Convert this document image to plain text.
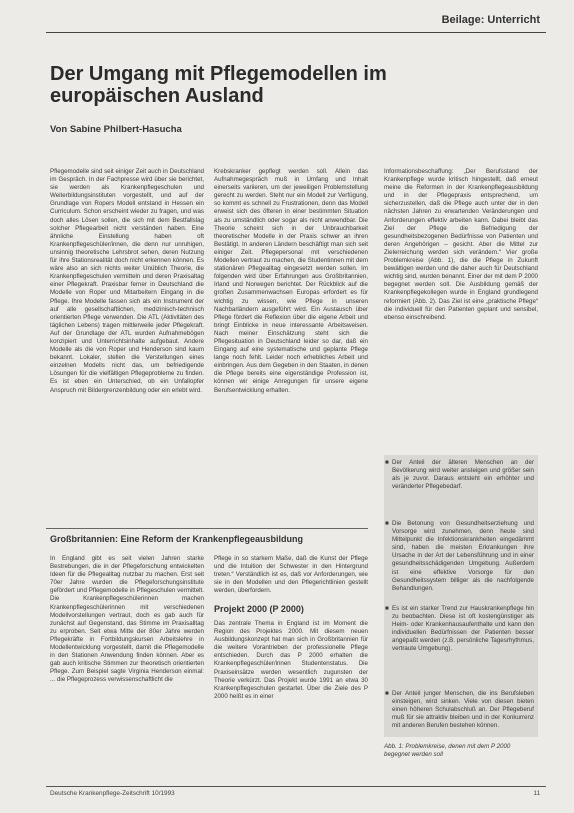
Beilage: Unterricht
Der Umgang mit Pflegemodellen im europäischen Ausland
Von Sabine Philbert-Hasucha

Pflegemodelle sind seit einiger Zeit auch in Deutschland im Gespräch. In der Fachpresse wird über sie berichtet, sie werden als Krankenpflegeschulen und Weiterbildungsinstituten vorgestellt, und auf der Grundlage von Ropers Modell entstand in Hessen ein Curriculum. Schon erscheint wieder zu fragen, und was doch alles Lösen sollen, die sich mit dem Bestfallslag solcher Pflegearbeit nicht verständen haben. Eine ähnliche Einstellung haben oft Krankenpflegeschüler/innen, die denn nur unruhigen, unsinnig theoretische Lehrsbrot sehen, deren Nutzung für ihre Stationsrealität doch nicht erkennen können. Es wäre also an sich nichts weiter Unüblich Theorie, die Krankenpflegeschulen vermitteln und deren Praxisaltag einer Pflegekraft. Praxisbar ferner in Deutschland die Modelle von Roper und Mitarbeitern Eingang in die Pflege. Ihre Modelle fassen sich als ein Instrument der auf alle gesellschaftlichen, medizinisch-technisch orientierten Pflege verwenden. Die ATL (Aktivitäten des täglichen Lebens) tragen mittlerweile jeder Pflegekraft. Auf der Grundlage der ATL wurden Aufnahmebögen konzipiert und Unterrichtsinhalte aufgebaut. Andere Modelle als die von Roper und Henderson sind kaum bekannt. Lokaler, stellen die Verstellungen eines einzelnen Modells nicht das, um befriedigende Lösungen für die vielfältigen Pflegeprobleme zu finden. Es ist eben ein Unterschied, ob ein Unfallopfer Anspruch mit Bildergrenzenbildung oder ein erlebt wird.

Krebskranker gepflegt werden soll. Allein das Aufnahmegespräch muß in Umfang und Inhalt einerseits variieren, um der jeweiligen Problemstellung gerecht zu werden. Steht nur ein Modell zur Verfügung, so kommt es schnell zu Frustrationen, denn das Modell erweist sich des öfteren in einer bestimmten Situation als zu umständlich oder sogar als nicht anwendbar. Die Theorie scheint sich in der Unbrauchbarkeit theoretischer Modelle in der Praxis schwer an ihren Bestätigt. In anderen Ländern beschäftigt man sich seit einiger Zeit. Pflegepersonal mit verschiedenen Modellen vertraut zu machen, die Studentinnen mit dem stationären Pflegealltag eingesetzt werden sollen. Im folgenden wird über Erfahrungen aus Großbritannien, Irland und Norwegen berichtet. Der Rückblick auf die großen Zusammenwachsen Europas erfordert es für wichtig zu wissen, wie Pflege in unseren Nachbarländern ausgeführt wird. Ein Austausch über Pflege fördert die Reflexion über die eigene Arbeit und bringt Einblicke in neue interessante Arbeitsweisen. Nach meiner Einschätzung steht sich die Pflegesituation in Deutschland leider so dar, daß ein Eingang auf eine systematische und geplante Pflege lange noch fehlt. Leider noch erhebliches Arbeit und einbringen. Aus dem Gegeben in den Staaten, in denen die Pflege bereits eine eigenständige Profession ist, können wir einige Anregungen für unsere eigene Berufsentwicklung erhalten.

Informationsbeschaffung: „Der Berufsstand der Krankenpflege wurde kritisch hingestellt, daß erneut meine die Reformen in der Krankenpflegeausbildung und in der Pflegepraxis entsprechend, um sicherzustellen, daß die Pflege auch unter der in den nächsten Jahren zu erwartenden Veränderungen und Anforderungen effektiv arbeiten kann. Dabei bleibt das Ziel der Pflege die Befriedigung der gesundheitsbezogenen Bedürfnisse von Patienten und deren Angehörigen – gesicht. Aber die Mittel zur Zielerreichung werden sich verändern.“ Vier große Problemkreise (Abb. 1), die die Pflege in Zukunft bewältigen werden und die daher auch für Deutschland wichtig sind, wurden benannt. Einer der mit dem P 2000 begegnet werden soll. Die Ausbildung gemäß der Krankenpflegekollegen wurde in England grundlegend reformiert (Abb. 2). Das Ziel ist eine „praktische Pflege“ die individuell für den Patienten geplant und sensibel, ebenso einschreibend.

Großbritannien: Eine Reform der Krankenpflegeausbildung

In England gibt es seit vielen Jahren starke Bestrebungen, die in der Pflegeforschung entwickelten Ideen für die Pflegealltag nutzbar zu machen. Erst seit 70er Jahre wurden die Pflegeforschungsinstitute gefördert und Pflegemodelle in Pflegeschulen vermittelt. Die Krankenpflegeschülerinnen machen Krankenpflegeschülerinnen mit verschiedenen Modellvorstellungen vertraut, doch es gab auch für zunächst auf Gegenstand, das Stimme im Praxisalltag zu erproben. Seit etwa Mitte der 80er Jahre werden Pflegekräfte in Fortbildungskursen Arbeitslehre in Modellentwicklung vorgestellt, damit die Pflegemodelle in den Stationen Anwendung finden können. Aber es gab auch kritische Stimmen zur theoretisch orientierten Pflege. Zum Beispiel sagte Virginia Henderson einmal: ... die Pflegeprozess verwissenschaftlicht die

Pflege in so starkem Maße, daß die Kunst der Pflege und die Intuition der Schwester in den Hintergrund treten.“ Verständlich ist es, daß vor Anforderungen, wie sie in den Modellen und den Pflegerichtlinien gestellt werden, überfordern.

Projekt 2000 (P 2000)

Das zentrale Thema in England ist im Moment die Region des Projektes 2000. Mit diesem neuen Ausbildungskonzept hat man sich in Großbritannien für die weitere Vorantrieben der professionelle Pflege entschieden. Durch das P 2000 erhalten die Krankenpflegeschüler/innen Studentenstatus. Die Praxiseinsätze werden wesentlich zugunsten der Theorie verkürzt. Das Projekt wurde 1991 an etwa 30 Krankenpflegeschulen gestartet. Über die Ziele des P 2000 heißt es in einer

■ Der Anteil der älteren Menschen an der Bevölkerung wird weiter ansteigen und größer sein als je zuvor. Daraus entsteht ein erhöhter und veränderter Pflegebedarf.
■ Die Betonung von Gesundheitserziehung und Vorsorge wird zunehmen, denn heute sind Mittelpunkt die Infektionskrankheiten eingedämmt sind, haben die meisten Erkrankungen ihre Ursache in der Art der Lebensführung und in einer gesundheitsschädigenden Umgebung. Außerdem ist eine effektive Vorsorge für den Gesundheitssystem billiger als die nachfolgende Behandlungen.
■ Es ist ein starker Trend zur Hauskrankenpflege hin zu beobachten. Diese ist oft kostengünstiger als Heim- oder Krankenhausaufenthalte und kann den individuellen Bedürfnissen der Patienten besser angepaßt werden (z.B. persönliche Tagesrhythmus, vertraute Umgebung).
■ Der Anteil junger Menschen, die ins Berufsleben einsteigen, wird sinken. Viele von diesen bieten einen höheren Schulabschluß an. Der Pflegeberuf muß für sie attraktiv bleiben und in der Konkurrenz mit anderen Berufen bestehen können.
Abb. 1: Problemkreise, denen mit dem P 2000 begegnet werden soll
Deutsche Krankenpflege-Zeitschrift 10/1993	11
